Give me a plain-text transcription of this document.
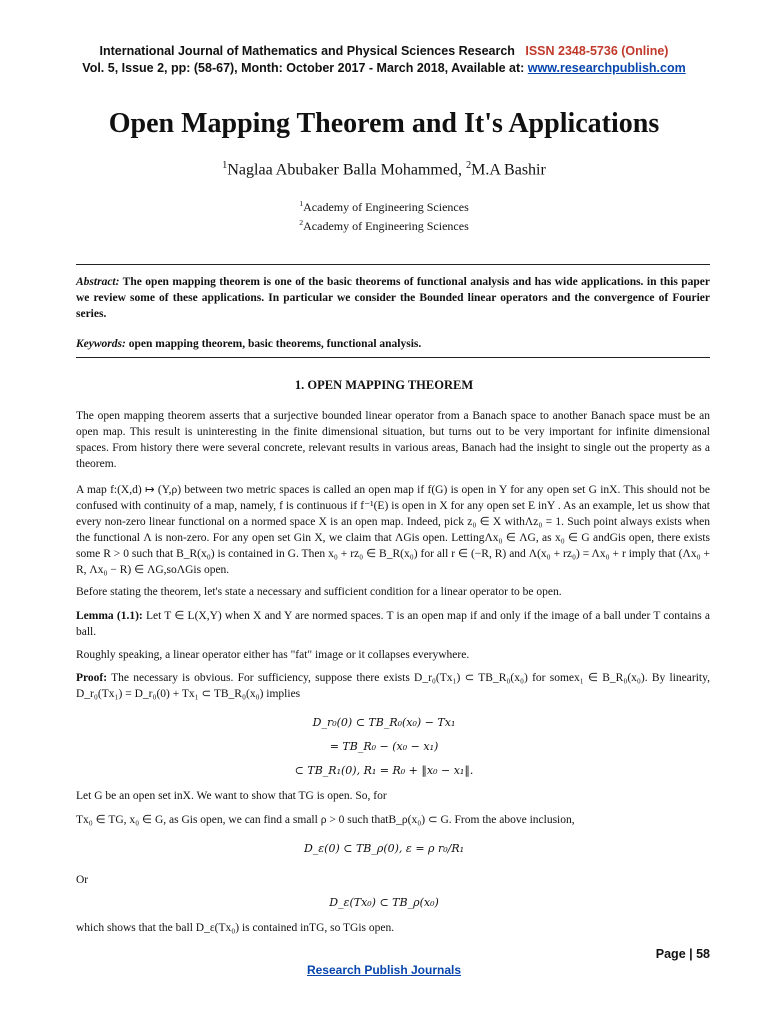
International Journal of Mathematics and Physical Sciences Research ISSN 2348-5736 (Online)
Vol. 5, Issue 2, pp: (58-67), Month: October 2017 - March 2018, Available at: www.researchpublish.com
Open Mapping Theorem and It's Applications
$^1$Naglaa Abubaker Balla Mohammed, $^2$M.A Bashir
$^1$Academy of Engineering Sciences
$^2$Academy of Engineering Sciences
Abstract: The open mapping theorem is one of the basic theorems of functional analysis and has wide applications. in this paper we review some of these applications. In particular we consider the Bounded linear operators and the convergence of Fourier series.
Keywords: open mapping theorem, basic theorems, functional analysis.
1. OPEN MAPPING THEOREM
The open mapping theorem asserts that a surjective bounded linear operator from a Banach space to another Banach space must be an open map. This result is uninteresting in the finite dimensional situation, but turns out to be very important for infinite dimensional spaces. From history there were several concrete, relevant results in various areas, Banach had the insight to single out the property as a theorem.
A map f:(X,d) ↦ (Y,ρ) between two metric spaces is called an open map if f(G) is open in Y for any open set G inX. This should not be confused with continuity of a map, namely, f is continuous if f⁻¹(E) is open in X for any open set E inY . As an example, let us show that every non-zero linear functional on a normed space X is an open map. Indeed, pick z₀ ∈ X withΛz₀ = 1. Such point always exists when the functional Λ is non-zero. For any open set Gin X, we claim that ΛGis open. LettingΛx₀ ∈ ΛG, as x₀ ∈ G andGis open, there exists some R > 0 such that B_R(x₀) is contained in G. Then x₀ + rz₀ ∈ B_R(x₀) for all r ∈ (−R, R) and Λ(x₀ + rz₀) = Λx₀ + r imply that (Λx₀ + R, Λx₀ − R) ∈ ΛG,soΛGis open.
Before stating the theorem, let's state a necessary and sufficient condition for a linear operator to be open.
Lemma (1.1): Let T ∈ L(X,Y) when X and Y are normed spaces. T is an open map if and only if the image of a ball under T contains a ball.
Roughly speaking, a linear operator either has "fat" image or it collapses everywhere.
Proof: The necessary is obvious. For sufficiency, suppose there exists D_r₀(Tx₁) ⊂ TB_R₀(x₀) for somex₁ ∈ B_R₀(x₀). By linearity, D_r₀(Tx₁) = D_r₀(0) + Tx₁ ⊂ TB_R₀(x₀) implies
D_r₀(0) ⊂ TB_R₀(x₀) − Tx₁
= TB_R₀ − (x₀ − x₁)
⊂ TB_R₁(0), R₁ = R₀ + ‖x₀ − x₁‖.
Let G be an open set inX. We want to show that TG is open. So, for
Tx₀ ∈ TG, x₀ ∈ G, as Gis open, we can find a small ρ > 0 such thatB_ρ(x₀) ⊂ G. From the above inclusion,
D_ε(0) ⊂ TB_ρ(0), ε = ρ r₀/R₁
Or
D_ε(Tx₀) ⊂ TB_ρ(x₀)
which shows that the ball D_ε(Tx₀) is contained inTG, so TGis open.
Page | 58
Research Publish Journals
